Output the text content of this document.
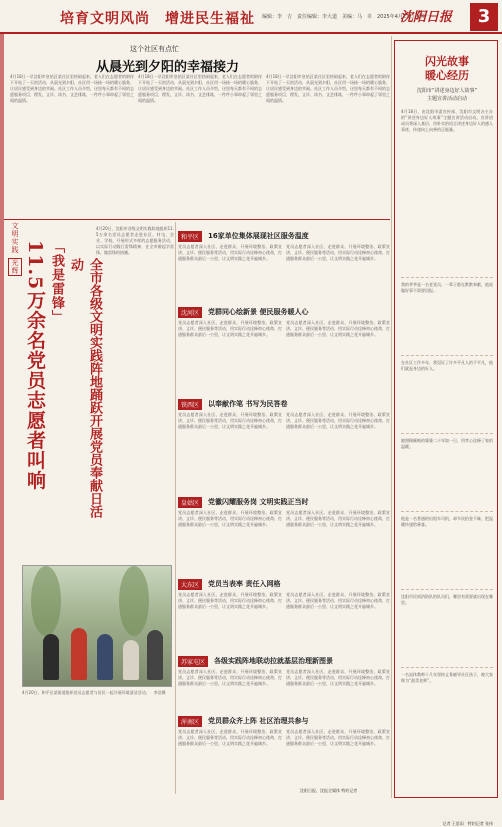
培育文明风尚　增进民生福祉 编辑：李　吉　责任编辑：李大道　美编：马　卓　2025年4月21日 星期一
沈阳日报	3
这个社区有点忙
从晨光到夕阳的幸福接力
4月18日一早沈阳市皇姑区某社区里热闹起来，老人们在志愿者的陪伴下开始了一天的活动，从晨光到夕阳，社区用一场接一场的暖心服务，让居民感受到身边的幸福。社区工作人员介绍，这里每天都有不同的志愿服务项目，理发、义诊、读书、文艺排练，一件件小事串起了邻里之间的温情。
4月18日一早沈阳市皇姑区某社区里热闹起来，老人们在志愿者的陪伴下开始了一天的活动，从晨光到夕阳，社区用一场接一场的暖心服务，让居民感受到身边的幸福。社区工作人员介绍，这里每天都有不同的志愿服务项目，理发、义诊、读书、文艺排练，一件件小事串起了邻里之间的温情。
4月18日一早沈阳市皇姑区某社区里热闹起来，老人们在志愿者的陪伴下开始了一天的活动，从晨光到夕阳，社区用一场接一场的暖心服务，让居民感受到身边的幸福。社区工作人员介绍，这里每天都有不同的志愿服务项目，理发、义诊、读书、文艺排练，一件件小事串起了邻里之间的温情。
文
明
实
践
光辉 11.5万余名党员志愿者叫响 「我是雷锋」	全市各级文明实践阵地踊跃开展党员奉献日活动
4月20日，沈阳市各级文明实践阵地组织11.5万余名党员志愿者走进社区、村屯、企业、学校，开展形式多样的志愿服务活动，以实际行动践行雷锋精神，在全市掀起学雷锋、做雷锋的热潮。
和平区	16家单位集体展现社区服务温度
党员志愿者深入社区、走进群众，开展环境整治、政策宣讲、义诊、便民服务等活动，用实际行动诠释初心使命，打通服务群众最后一公里，让文明实践之花开遍城乡。
党员志愿者深入社区、走进群众，开展环境整治、政策宣讲、义诊、便民服务等活动，用实际行动诠释初心使命，打通服务群众最后一公里，让文明实践之花开遍城乡。
沈河区	党群同心绘新景 便民服务暖人心
党员志愿者深入社区、走进群众，开展环境整治、政策宣讲、义诊、便民服务等活动，用实际行动诠释初心使命，打通服务群众最后一公里，让文明实践之花开遍城乡。
党员志愿者深入社区、走进群众，开展环境整治、政策宣讲、义诊、便民服务等活动，用实际行动诠释初心使命，打通服务群众最后一公里，让文明实践之花开遍城乡。
铁西区	以奉献作笔 书写为民答卷
党员志愿者深入社区、走进群众，开展环境整治、政策宣讲、义诊、便民服务等活动，用实际行动诠释初心使命，打通服务群众最后一公里，让文明实践之花开遍城乡。
党员志愿者深入社区、走进群众，开展环境整治、政策宣讲、义诊、便民服务等活动，用实际行动诠释初心使命，打通服务群众最后一公里，让文明实践之花开遍城乡。
皇姑区	党徽闪耀服务岗 文明实践正当时
党员志愿者深入社区、走进群众，开展环境整治、政策宣讲、义诊、便民服务等活动，用实际行动诠释初心使命，打通服务群众最后一公里，让文明实践之花开遍城乡。
党员志愿者深入社区、走进群众，开展环境整治、政策宣讲、义诊、便民服务等活动，用实际行动诠释初心使命，打通服务群众最后一公里，让文明实践之花开遍城乡。
大东区	党员当表率 责任入网格
党员志愿者深入社区、走进群众，开展环境整治、政策宣讲、义诊、便民服务等活动，用实际行动诠释初心使命，打通服务群众最后一公里，让文明实践之花开遍城乡。
党员志愿者深入社区、走进群众，开展环境整治、政策宣讲、义诊、便民服务等活动，用实际行动诠释初心使命，打通服务群众最后一公里，让文明实践之花开遍城乡。
苏家屯区	各级实践阵地联动拉就基层治理新图景
党员志愿者深入社区、走进群众，开展环境整治、政策宣讲、义诊、便民服务等活动，用实际行动诠释初心使命，打通服务群众最后一公里，让文明实践之花开遍城乡。
党员志愿者深入社区、走进群众，开展环境整治、政策宣讲、义诊、便民服务等活动，用实际行动诠释初心使命，打通服务群众最后一公里，让文明实践之花开遍城乡。
浑南区	党员群众齐上阵 社区治理共参与
党员志愿者深入社区、走进群众，开展环境整治、政策宣讲、义诊、便民服务等活动，用实际行动诠释初心使命，打通服务群众最后一公里，让文明实践之花开遍城乡。
党员志愿者深入社区、走进群众，开展环境整治、政策宣讲、义诊、便民服务等活动，用实际行动诠释初心使命，打通服务群众最后一公里，让文明实践之花开遍城乡。
沈阳日报、沈报全媒体 特约记者
4月20日，和平区某街道组织党员志愿者与居民一起开展环境清洁活动。　李浩摄
闪光故事
暖心经历
沈阳市“讲述身边好人故事”
主题宣讲活动启动
4月18日，由沈阳市委宣传部、沈阳市文明办主办的“讲述身边好人故事”主题宣讲活动启动。宣讲团成员将深入基层，用朴实的语言讲述身边好人的感人事迹，传递向上向善的正能量。
我的爷爷是一名老党员，一辈子都在默默奉献，他说做好事不需要回报。
在社区工作多年，我见证了许多平凡人的不平凡，他们就是身边的好人。
她照顾瘫痪的婆婆二十年如一日，用孝心诠释了家的温暖。
他是一名普通的出租车司机，却多次拾金不昧，把温暖传递给乘客。
沈阳市民间消防队的队员们，哪里有需要就出现在哪里。
一名退休教师十几年坚持义务辅导社区孩子，被大家称为“最美老师”。
记者 王思雨　特约记者 张伟
